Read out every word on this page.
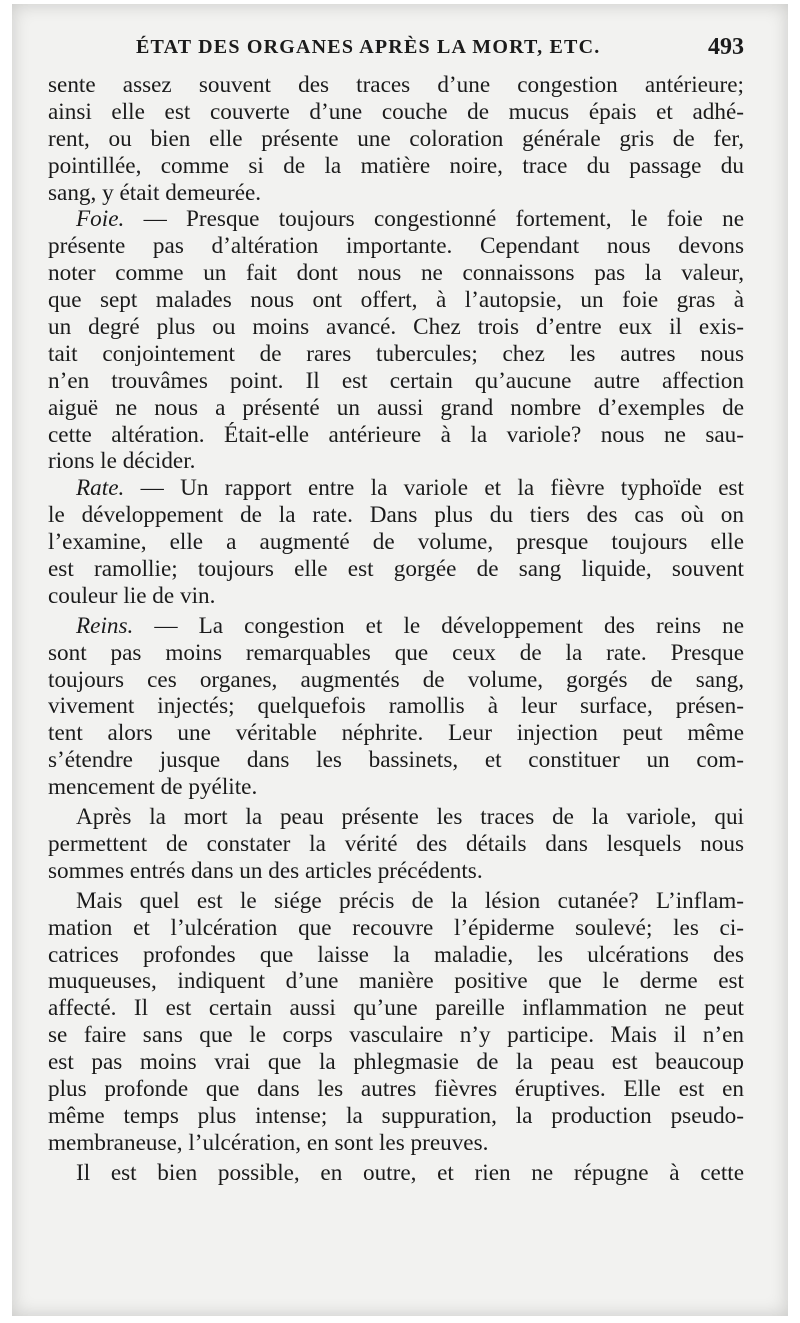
ÉTAT DES ORGANES APRÈS LA MORT, ETC.	493
sente assez souvent des traces d’une congestion antérieure;
ainsi elle est couverte d’une couche de mucus épais et adhé-
rent, ou bien elle présente une coloration générale gris de fer,
pointillée, comme si de la matière noire, trace du passage du
sang, y était demeurée.
Foie. — Presque toujours congestionné fortement, le foie ne
présente pas d’altération importante. Cependant nous devons
noter comme un fait dont nous ne connaissons pas la valeur,
que sept malades nous ont offert, à l’autopsie, un foie gras à
un degré plus ou moins avancé. Chez trois d’entre eux il exis-
tait conjointement de rares tubercules; chez les autres nous
n’en trouvâmes point. Il est certain qu’aucune autre affection
aiguë ne nous a présenté un aussi grand nombre d’exemples de
cette altération. Était-elle antérieure à la variole? nous ne sau-
rions le décider.
Rate. — Un rapport entre la variole et la fièvre typhoïde est
le développement de la rate. Dans plus du tiers des cas où on
l’examine, elle a augmenté de volume, presque toujours elle
est ramollie; toujours elle est gorgée de sang liquide, souvent
couleur lie de vin.
Reins. — La congestion et le développement des reins ne
sont pas moins remarquables que ceux de la rate. Presque
toujours ces organes, augmentés de volume, gorgés de sang,
vivement injectés; quelquefois ramollis à leur surface, présen-
tent alors une véritable néphrite. Leur injection peut même
s’étendre jusque dans les bassinets, et constituer un com-
mencement de pyélite.
Après la mort la peau présente les traces de la variole, qui
permettent de constater la vérité des détails dans lesquels nous
sommes entrés dans un des articles précédents.
Mais quel est le siége précis de la lésion cutanée? L’inflam-
mation et l’ulcération que recouvre l’épiderme soulevé; les ci-
catrices profondes que laisse la maladie, les ulcérations des
muqueuses, indiquent d’une manière positive que le derme est
affecté. Il est certain aussi qu’une pareille inflammation ne peut
se faire sans que le corps vasculaire n’y participe. Mais il n’en
est pas moins vrai que la phlegmasie de la peau est beaucoup
plus profonde que dans les autres fièvres éruptives. Elle est en
même temps plus intense; la suppuration, la production pseudo-
membraneuse, l’ulcération, en sont les preuves.
Il est bien possible, en outre, et rien ne répugne à cette
